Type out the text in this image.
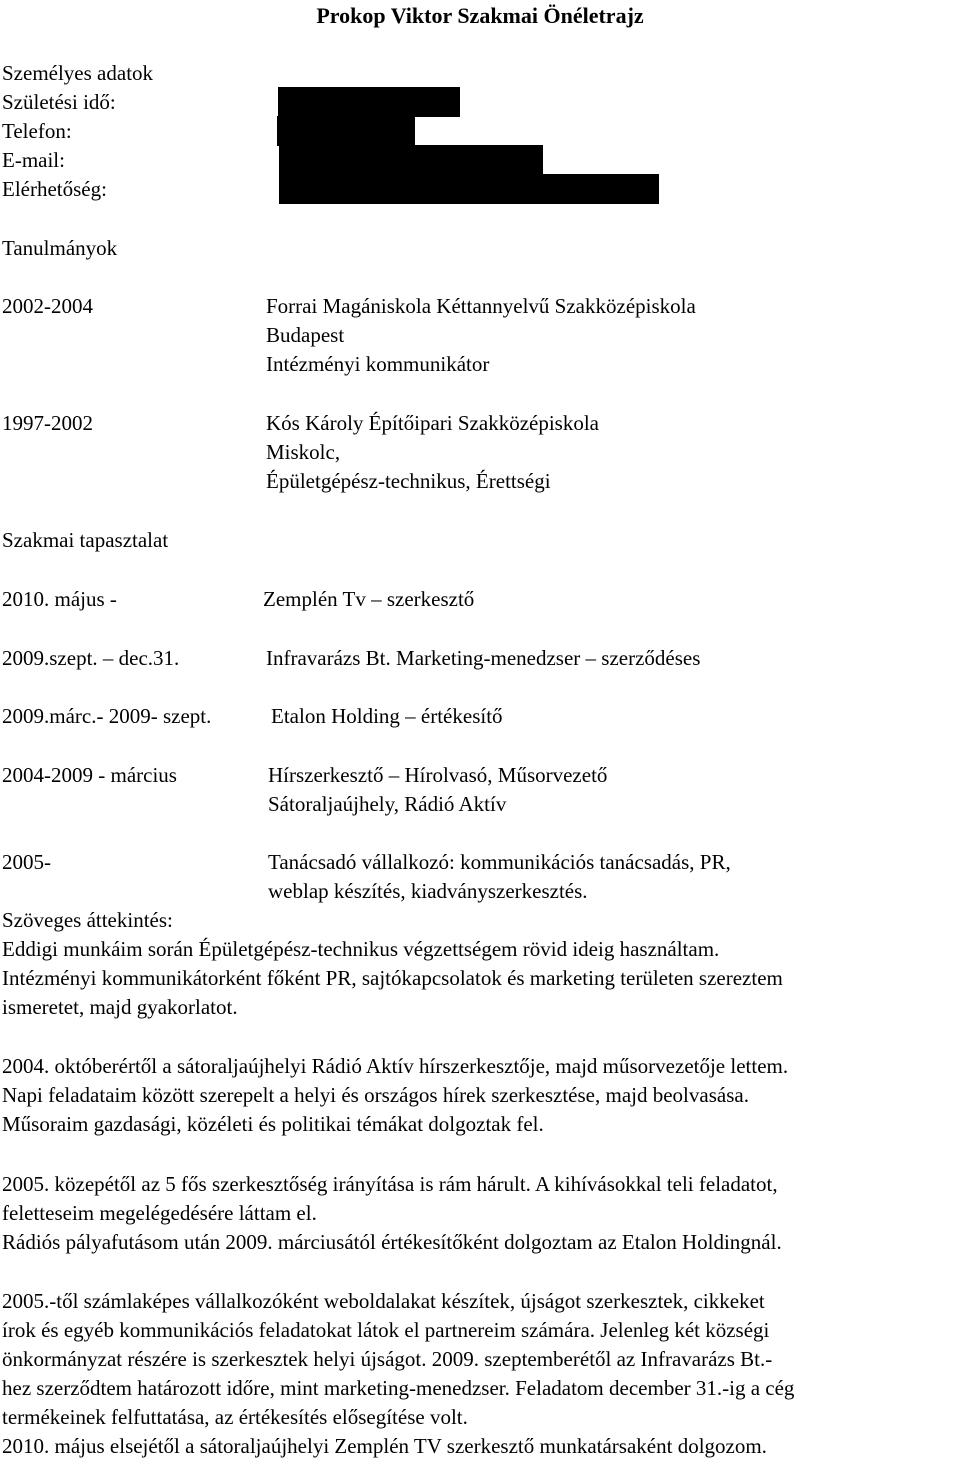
Prokop Viktor Szakmai Önéletrajz
Személyes adatok
Születési idő:
Telefon:
E-mail:
Elérhetőség:
Tanulmányok
2002-2004	Forrai Magániskola Kéttannyelvű Szakközépiskola
Budapest
Intézményi kommunikátor
1997-2002	Kós Károly Építőipari Szakközépiskola
Miskolc,
Épületgépész-technikus, Érettségi
Szakmai tapasztalat
2010. május -	Zemplén Tv – szerkesztő
2009.szept. – dec.31.	Infravarázs Bt. Marketing-menedzser – szerződéses
2009.márc.- 2009- szept.	Etalon Holding – értékesítő
2004-2009 - március	Hírszerkesztő – Hírolvasó, Műsorvezető
Sátoraljaújhely, Rádió Aktív
2005-	Tanácsadó vállalkozó: kommunikációs tanácsadás, PR,
weblap készítés, kiadványszerkesztés.
Szöveges áttekintés:
Eddigi munkáim során Épületgépész-technikus végzettségem rövid ideig használtam.
Intézményi kommunikátorként főként PR, sajtókapcsolatok és marketing területen szereztem
ismeretet, majd gyakorlatot.
2004. októberértől a sátoraljaújhelyi Rádió Aktív hírszerkesztője, majd műsorvezetője lettem.
Napi feladataim között szerepelt a helyi és országos hírek szerkesztése, majd beolvasása.
Műsoraim gazdasági, közéleti és politikai témákat dolgoztak fel.
2005. közepétől az 5 fős szerkesztőség irányítása is rám hárult. A kihívásokkal teli feladatot,
feletteseim megelégedésére láttam el.
Rádiós pályafutásom után 2009. márciusától értékesítőként dolgoztam az Etalon Holdingnál.
2005.-től számlaképes vállalkozóként weboldalakat készítek, újságot szerkesztek, cikkeket
írok és egyéb kommunikációs feladatokat látok el partnereim számára. Jelenleg két községi
önkormányzat részére is szerkesztek helyi újságot. 2009. szeptemberétől az Infravarázs Bt.-
hez szerződtem határozott időre, mint marketing-menedzser. Feladatom december 31.-ig a cég
termékeinek felfuttatása, az értékesítés elősegítése volt.
2010. május elsejétől a sátoraljaújhelyi Zemplén TV szerkesztő munkatársaként dolgozom.
